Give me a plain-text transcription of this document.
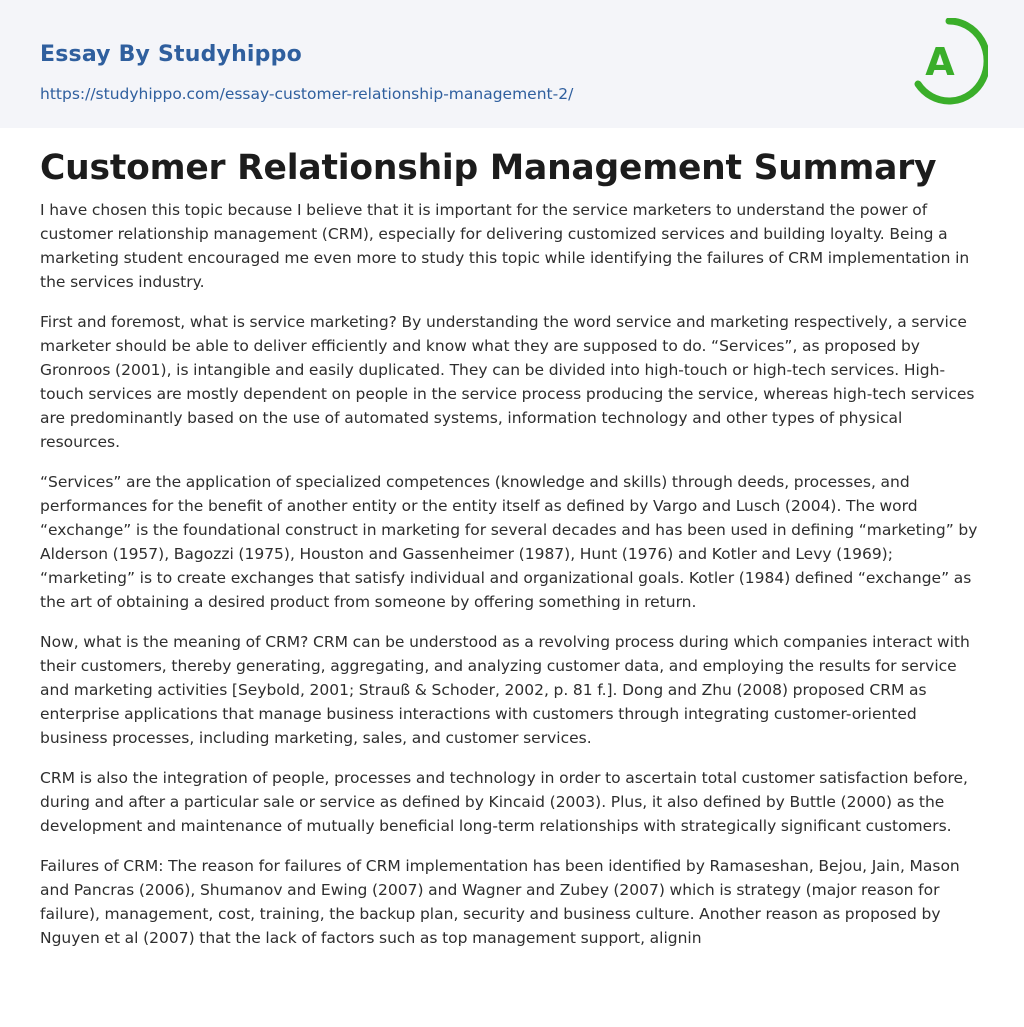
Essay By Studyhippo
https://studyhippo.com/essay-customer-relationship-management-2/
A
Customer Relationship Management Summary

I have chosen this topic because I believe that it is important for the service marketers to understand the power of customer relationship management (CRM), especially for delivering customized services and building loyalty. Being a marketing student encouraged me even more to study this topic while identifying the failures of CRM implementation in the services industry.

First and foremost, what is service marketing? By understanding the word service and marketing respectively, a service marketer should be able to deliver efficiently and know what they are supposed to do. “Services”, as proposed by Gronroos (2001), is intangible and easily duplicated. They can be divided into high-touch or high-tech services. High-touch services are mostly dependent on people in the service process producing the service, whereas high-tech services are predominantly based on the use of automated systems, information technology and other types of physical resources.

“Services” are the application of specialized competences (knowledge and skills) through deeds, processes, and performances for the benefit of another entity or the entity itself as defined by Vargo and Lusch (2004). The word “exchange” is the foundational construct in marketing for several decades and has been used in defining “marketing” by Alderson (1957), Bagozzi (1975), Houston and Gassenheimer (1987), Hunt (1976) and Kotler and Levy (1969); “marketing” is to create exchanges that satisfy individual and organizational goals. Kotler (1984) defined “exchange” as the art of obtaining a desired product from someone by offering something in return.

Now, what is the meaning of CRM? CRM can be understood as a revolving process during which companies interact with their customers, thereby generating, aggregating, and analyzing customer data, and employing the results for service and marketing activities [Seybold, 2001; Strauß & Schoder, 2002, p. 81 f.]. Dong and Zhu (2008) proposed CRM as enterprise applications that manage business interactions with customers through integrating customer-oriented business processes, including marketing, sales, and customer services.

CRM is also the integration of people, processes and technology in order to ascertain total customer satisfaction before, during and after a particular sale or service as defined by Kincaid (2003). Plus, it also defined by Buttle (2000) as the development and maintenance of mutually beneficial long-term relationships with strategically significant customers.

Failures of CRM: The reason for failures of CRM implementation has been identified by Ramaseshan, Bejou, Jain, Mason and Pancras (2006), Shumanov and Ewing (2007) and Wagner and Zubey (2007) which is strategy (major reason for failure), management, cost, training, the backup plan, security and business culture. Another reason as proposed by Nguyen et al (2007) that the lack of factors such as top management support, alignin
